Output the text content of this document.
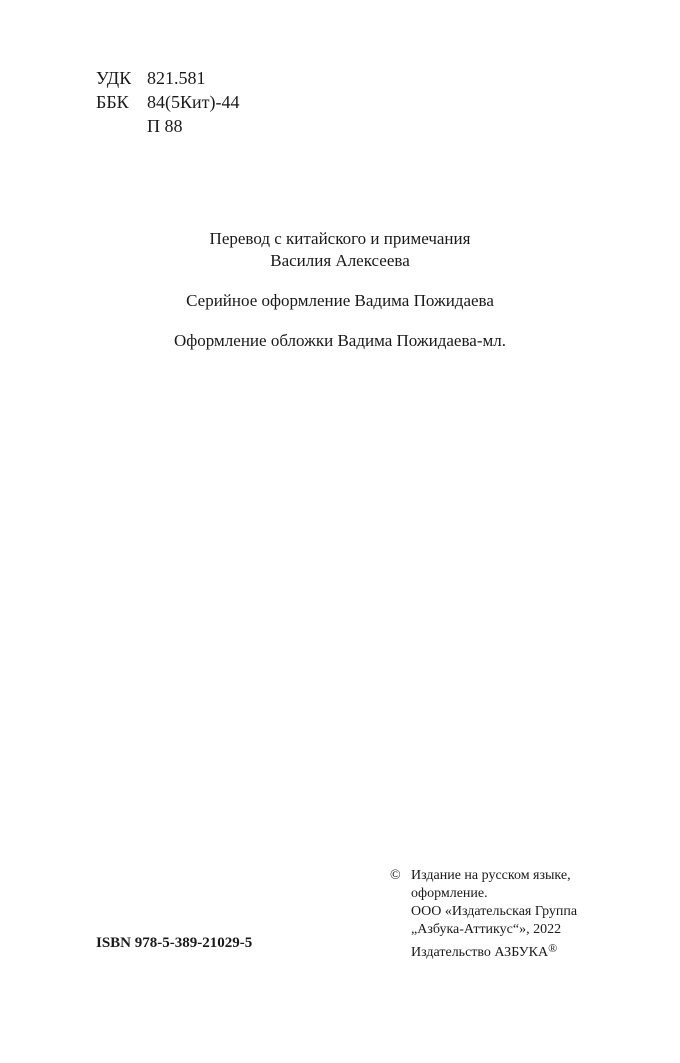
УДК 821.581
ББК	84(5Кит)-44
П 88
Перевод с китайского и примечания
Василия Алексеева
Серийное оформление Вадима Пожидаева
Оформление обложки Вадима Пожидаева-мл.
© Издание на русском языке,
оформление.
ООО «Издательская Группа
„Азбука-Аттикус“», 2022
Издательство АЗБУКА®
ISBN 978-5-389-21029-5
